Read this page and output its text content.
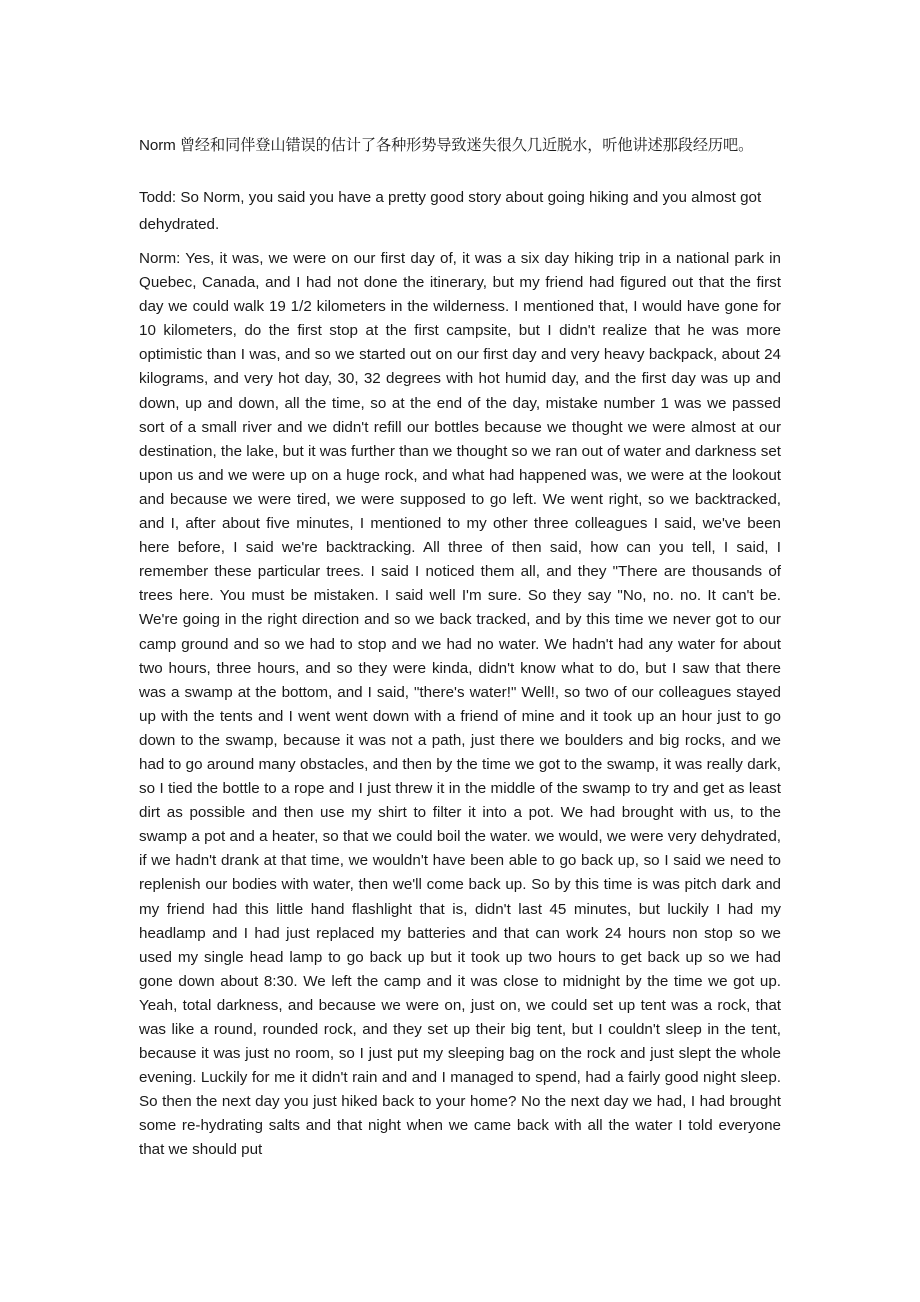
Norm 曾经和同伴登山错误的估计了各种形势导致迷失很久几近脱水，听他讲述那段经历吧。

Todd: So Norm, you said you have a pretty good story about going hiking and you almost got dehydrated.

Norm: Yes, it was, we were on our first day of, it was a six day hiking trip in a national park in Quebec, Canada, and I had not done the itinerary, but my friend had figured out that the first day we could walk 19 1/2 kilometers in the wilderness. I mentioned that, I would have gone for 10 kilometers, do the first stop at the first campsite, but I didn't realize that he was more optimistic than I was, and so we started out on our first day and very heavy backpack, about 24 kilograms, and very hot day, 30, 32 degrees with hot humid day, and the first day was up and down, up and down, all the time, so at the end of the day, mistake number 1 was we passed sort of a small river and we didn't refill our bottles because we thought we were almost at our destination, the lake, but it was further than we thought so we ran out of water and darkness set upon us and we were up on a huge rock, and what had happened was, we were at the lookout and because we were tired, we were supposed to go left. We went right, so we backtracked, and I, after about five minutes, I mentioned to my other three colleagues I said, we've been here before, I said we're backtracking. All three of then said, how can you tell, I said, I remember these particular trees. I said I noticed them all, and they "There are thousands of trees here. You must be mistaken. I said well I'm sure. So they say "No, no. no. It can't be. We're going in the right direction and so we back tracked, and by this time we never got to our camp ground and so we had to stop and we had no water. We hadn't had any water for about two hours, three hours, and so they were kinda, didn't know what to do, but I saw that there was a swamp at the bottom, and I said, "there's water!" Well!, so two of our colleagues stayed up with the tents and I went went down with a friend of mine and it took up an hour just to go down to the swamp, because it was not a path, just there we boulders and big rocks, and we had to go around many obstacles, and then by the time we got to the swamp, it was really dark, so I tied the bottle to a rope and I just threw it in the middle of the swamp to try and get as least dirt as possible and then use my shirt to filter it into a pot. We had brought with us, to the swamp a pot and a heater, so that we could boil the water. we would, we were very dehydrated, if we hadn't drank at that time, we wouldn't have been able to go back up, so I said we need to replenish our bodies with water, then we'll come back up. So by this time is was pitch dark and my friend had this little hand flashlight that is, didn't last 45 minutes, but luckily I had my headlamp and I had just replaced my batteries and that can work 24 hours non stop so we used my single head lamp to go back up but it took up two hours to get back up so we had gone down about 8:30. We left the camp and it was close to midnight by the time we got up. Yeah, total darkness, and because we were on, just on, we could set up tent was a rock, that was like a round, rounded rock, and they set up their big tent, but I couldn't sleep in the tent, because it was just no room, so I just put my sleeping bag on the rock and just slept the whole evening. Luckily for me it didn't rain and and I managed to spend, had a fairly good night sleep. So then the next day you just hiked back to your home? No the next day we had, I had brought some re-hydrating salts and that night when we came back with all the water I told everyone that we should put
